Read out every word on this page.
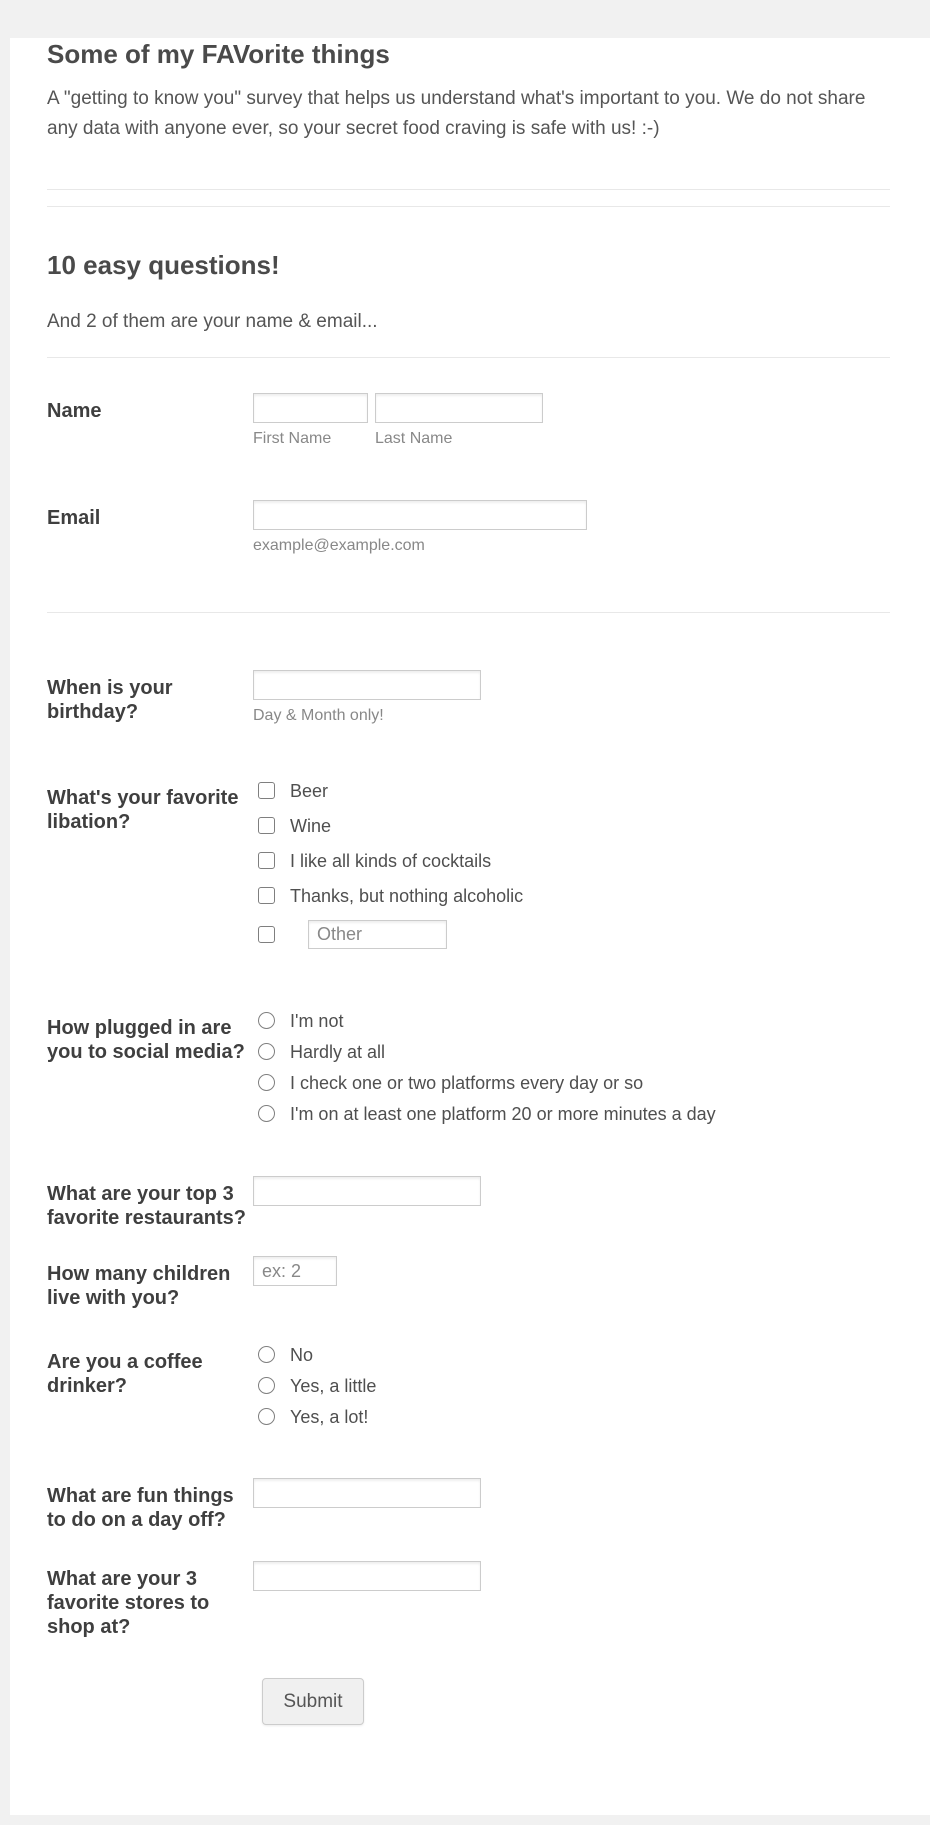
Some of my FAVorite things

A "getting to know you" survey that helps us understand what's important to you. We do not share any data with anyone ever, so your secret food craving is safe with us! :-)

10 easy questions!

And 2 of them are your name & email...

Name
First Name	Last Name
Email
example@example.com
When is your birthday?	Day & Month only!
What's your favorite libation?
Beer
Wine
I like all kinds of cocktails
Thanks, but nothing alcoholic
Other
How plugged in are you to social media?
I'm not
Hardly at all
I check one or two platforms every day or so
I'm on at least one platform 20 or more minutes a day
What are your top 3 favorite restaurants?
How many children live with you?
ex: 2
Are you a coffee drinker?
No
Yes, a little
Yes, a lot!
What are fun things to do on a day off?
What are your 3 favorite stores to shop at?
Submit
